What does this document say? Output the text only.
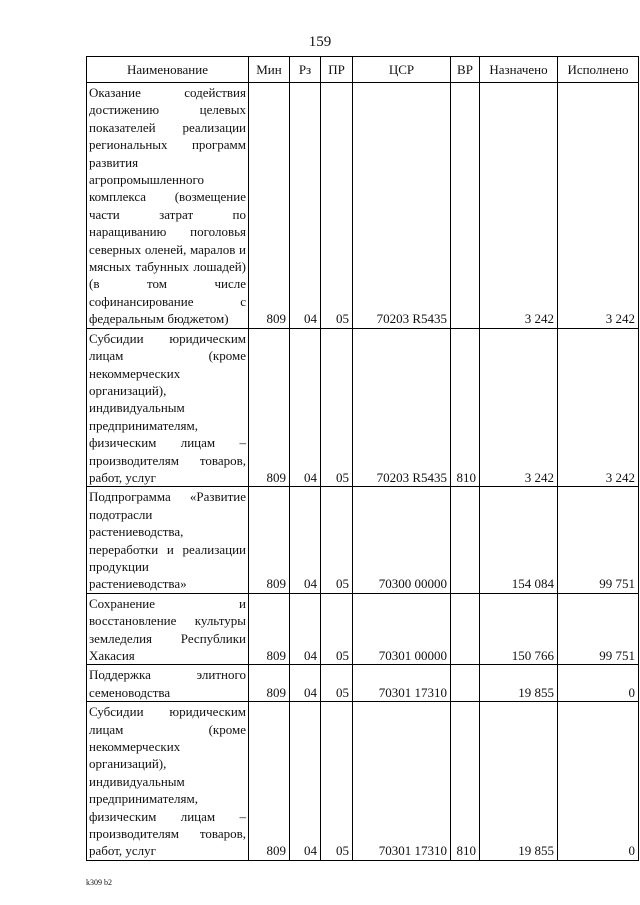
159
Наименование	Мин	Рз	ПР	ЦСР	ВР	Назначено	Исполнено
Оказание содействия достижению целевых показателей реализации региональных программ развития агропромышленного комплекса (возмещение части затрат по наращиванию поголовья северных оленей, маралов и мясных табунных лошадей) (в том числе софинансирование с федеральным бюджетом)	809	04	05	70203 R5435		3 242	3 242
Субсидии юридическим лицам (кроме некоммерческих организаций), индивидуальным предпринимателям, физическим лицам – производителям товаров, работ, услуг	809	04	05	70203 R5435	810	3 242	3 242
Подпрограмма «Развитие подотрасли растениеводства, переработки и реализации продукции растениеводства»	809	04	05	70300 00000		154 084	99 751
Сохранение и восстановление культуры земледелия Республики Хакасия	809	04	05	70301 00000		150 766	99 751
Поддержка элитного семеноводства	809	04	05	70301 17310		19 855	0
Субсидии юридическим лицам (кроме некоммерческих организаций), индивидуальным предпринимателям, физическим лицам – производителям товаров, работ, услуг	809	04	05	70301 17310	810	19 855	0
k309 b2
